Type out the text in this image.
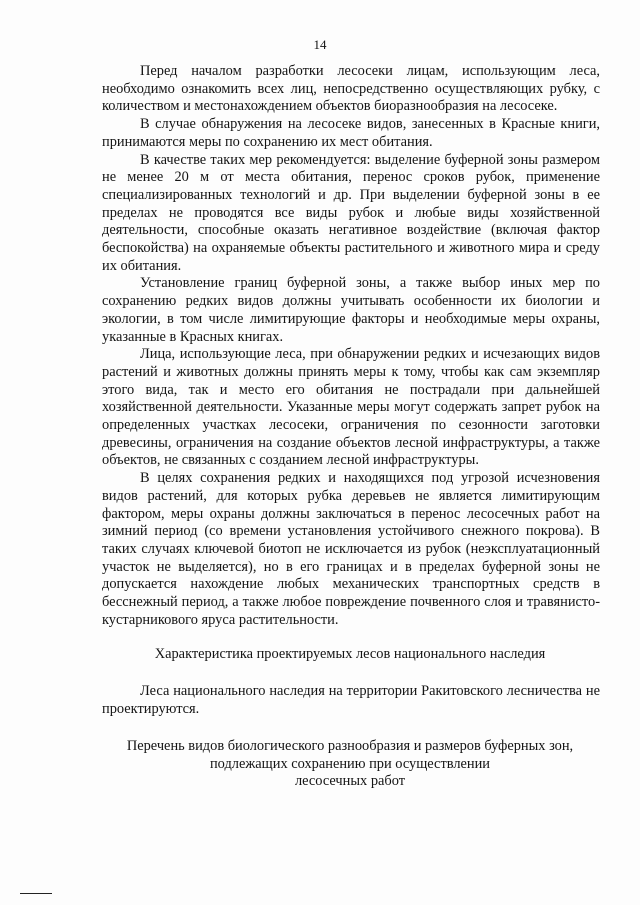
14

Перед началом разработки лесосеки лицам, использующим леса, необходимо ознакомить всех лиц, непосредственно осуществляющих рубку, с количеством и местонахождением объектов биоразнообразия на лесосеке.

В случае обнаружения на лесосеке видов, занесенных в Красные книги, принимаются меры по сохранению их мест обитания.

В качестве таких мер рекомендуется: выделение буферной зоны размером не менее 20 м от места обитания, перенос сроков рубок, применение специализированных технологий и др. При выделении буферной зоны в ее пределах не проводятся все виды рубок и любые виды хозяйственной деятельности, способные оказать негативное воздействие (включая фактор беспокойства) на охраняемые объекты растительного и животного мира и среду их обитания.

Установление границ буферной зоны, а также выбор иных мер по сохранению редких видов должны учитывать особенности их биологии и экологии, в том числе лимитирующие факторы и необходимые меры охраны, указанные в Красных книгах.

Лица, использующие леса, при обнаружении редких и исчезающих видов растений и животных должны принять меры к тому, чтобы как сам экземпляр этого вида, так и место его обитания не пострадали при дальнейшей хозяйственной деятельности. Указанные меры могут содержать запрет рубок на определенных участках лесосеки, ограничения по сезонности заготовки древесины, ограничения на создание объектов лесной инфраструктуры, а также объектов, не связанных с созданием лесной инфраструктуры.

В целях сохранения редких и находящихся под угрозой исчезновения видов растений, для которых рубка деревьев не является лимитирующим фактором, меры охраны должны заключаться в перенос лесосечных работ на зимний период (со времени установления устойчивого снежного покрова). В таких случаях ключевой биотоп не исключается из рубок (неэксплуатационный участок не выделяется), но в его границах и в пределах буферной зоны не допускается нахождение любых механических транспортных средств в бесснежный период, а также любое повреждение почвенного слоя и травянисто-кустарникового яруса растительности.

Характеристика проектируемых лесов национального наследия

Леса национального наследия на территории Ракитовского лесничества не проектируются.

Перечень видов биологического разнообразия и размеров буферных зон,
подлежащих сохранению при осуществлении
лесосечных работ
